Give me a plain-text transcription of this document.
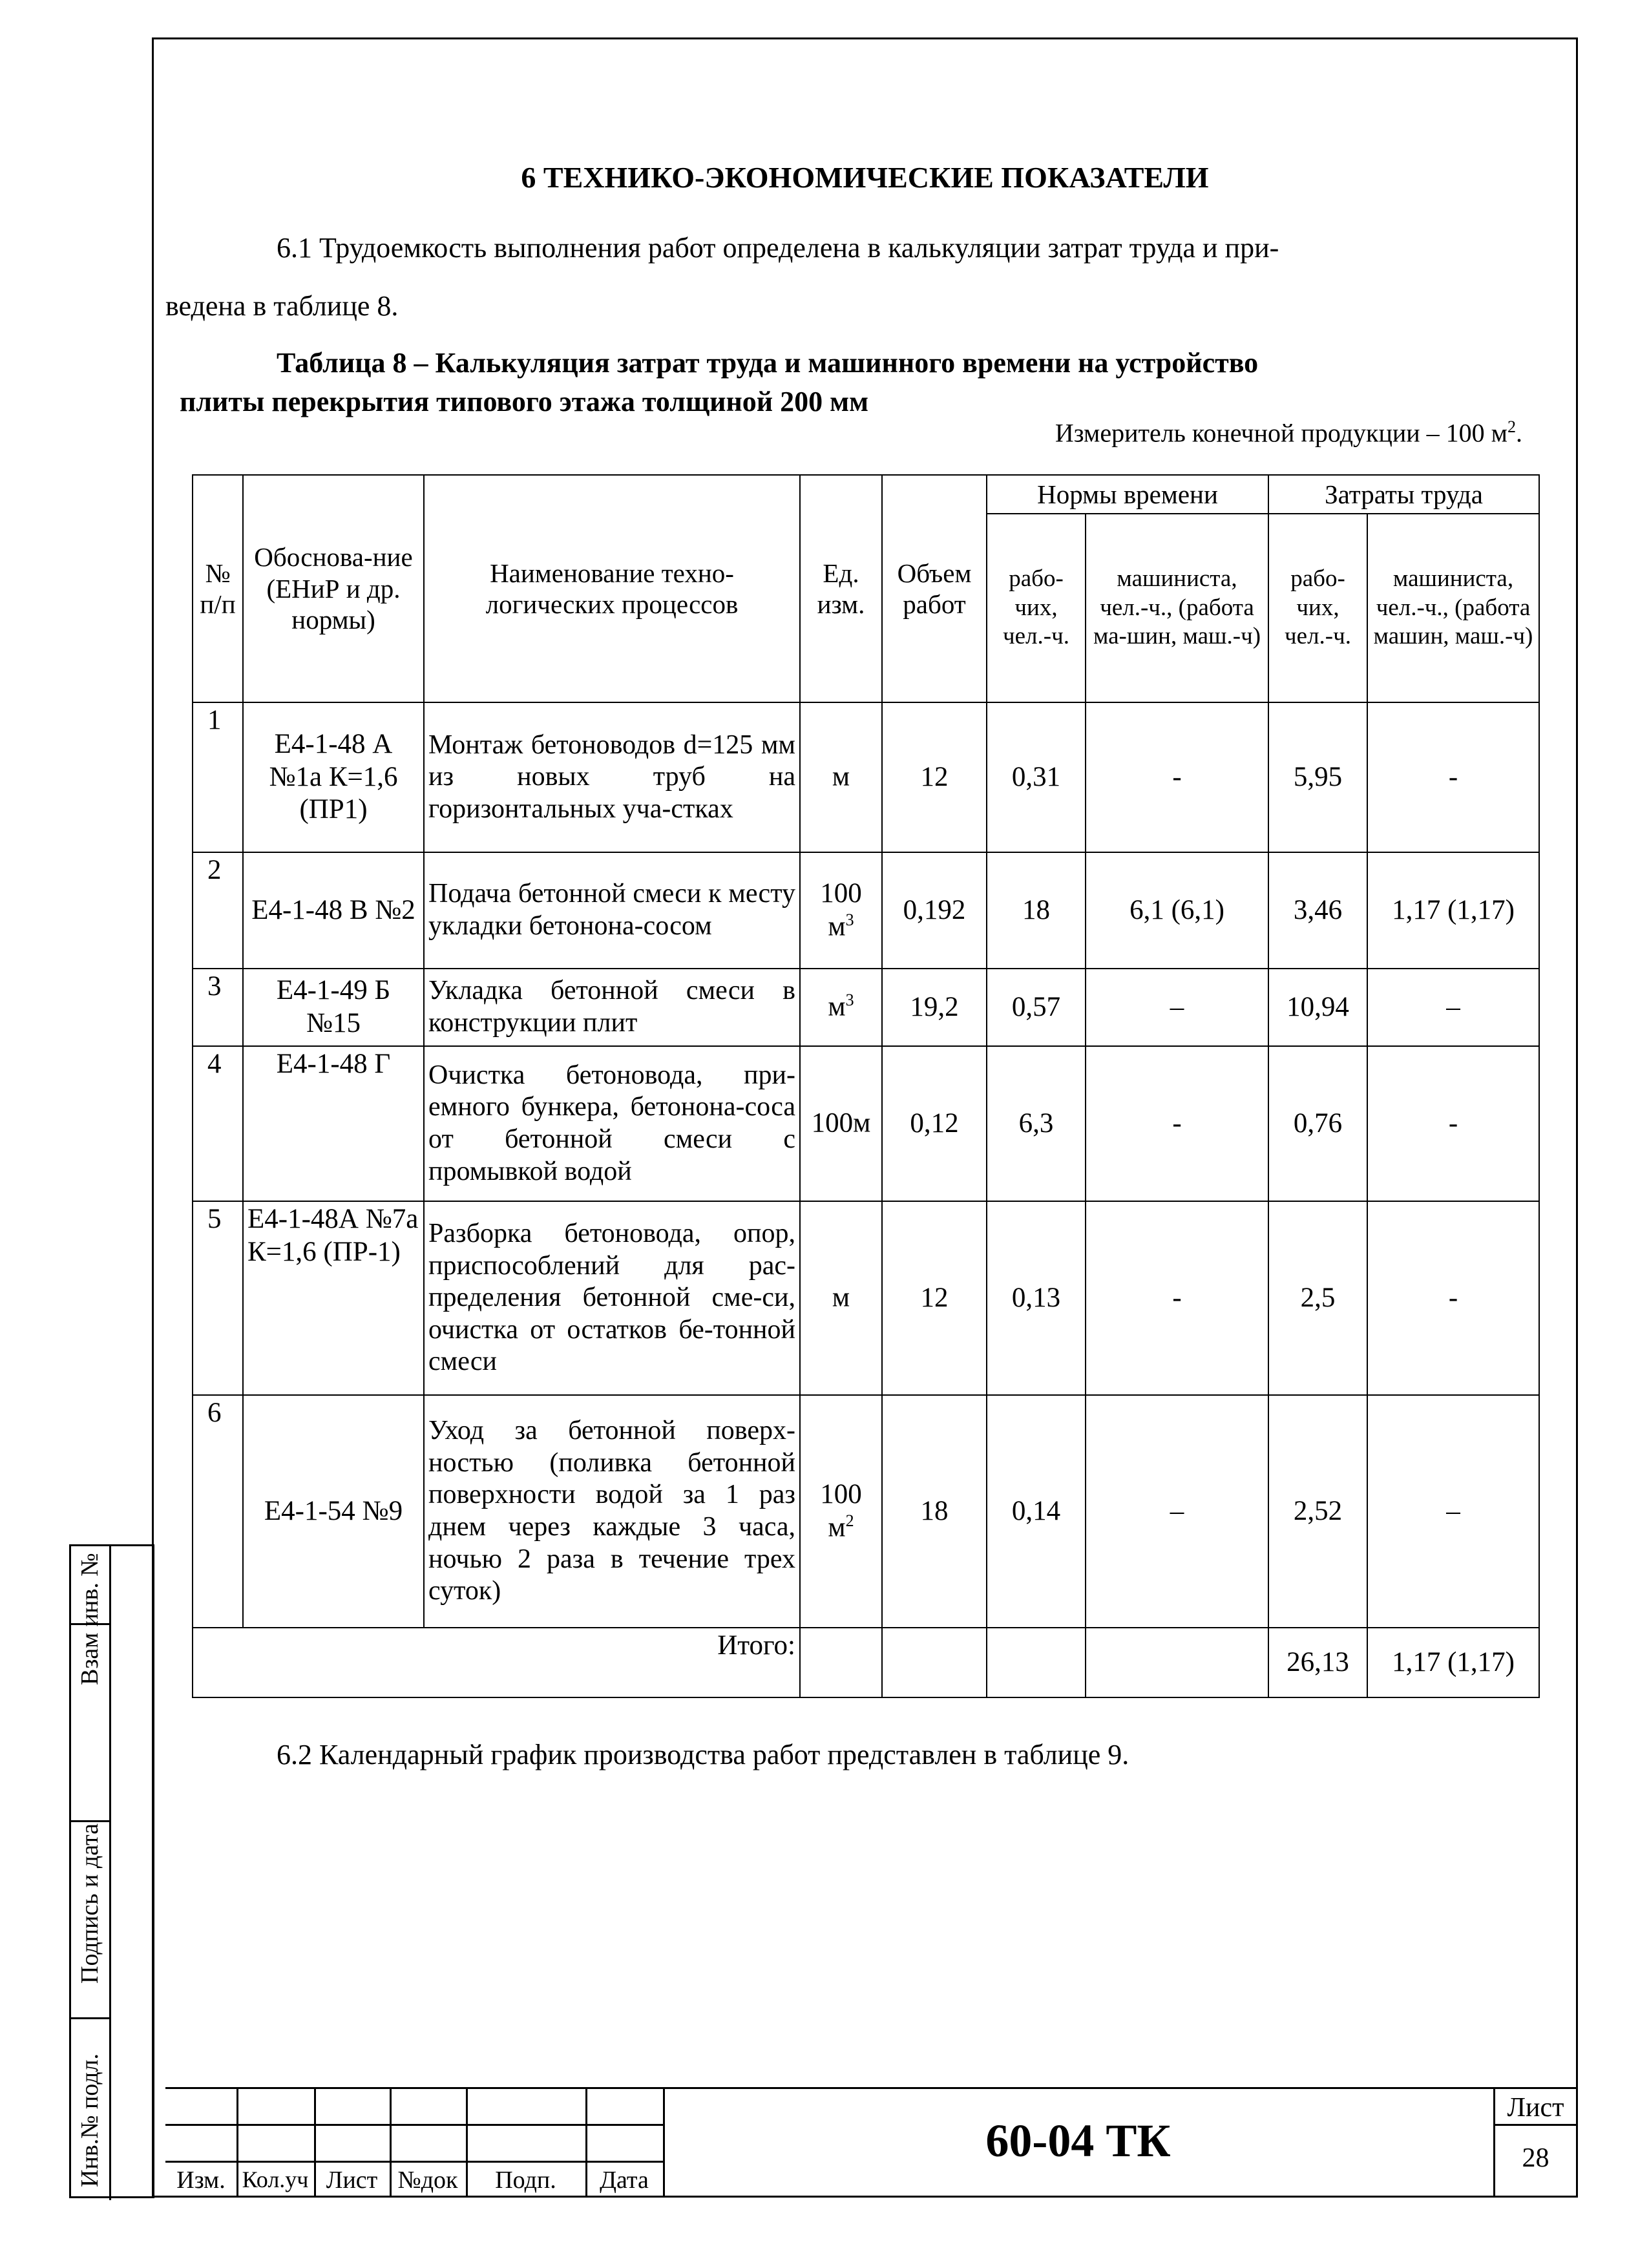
6 ТЕХНИКО-ЭКОНОМИЧЕСКИЕ ПОКАЗАТЕЛИ
6.1 Трудоемкость выполнения работ определена в калькуляции затрат труда и при-
ведена в таблице 8.
Таблица 8 – Калькуляция затрат труда и машинного времени на устройство
плиты перекрытия типового этажа толщиной 200 мм
Измеритель конечной продукции – 100 $м^2$.
№ п/п	Обоснова-ние (ЕНиР и др. нормы)	Наименование техно-логических процессов	Ед. изм.	Объем работ	Нормы времени		Затраты труда	
					рабо-чих, чел.-ч.	машиниста, чел.-ч., (работа ма-шин, маш.-ч)	рабо-чих, чел.-ч.	машиниста, чел.-ч., (работа машин, маш.-ч)
1	Е4-1-48 А №1а К=1,6 (ПР1)	Монтаж бетоноводов d=125 мм из новых труб на горизонтальных уча-стках	м	12	0,31	-	5,95	-
2	Е4-1-48 В №2	Подача бетонной смеси к месту укладки бетонона-сосом	100 $м^3$	0,192	18	6,1 (6,1)	3,46	1,17 (1,17)
3	Е4-1-49 Б №15	Укладка бетонной смеси в конструкции плит	$м^3$	19,2	0,57	–	10,94	–
4	Е4-1-48 Г	Очистка бетоновода, при-емного бункера, бетонона-соса от бетонной смеси с промывкой водой	100м	0,12	6,3	-	0,76	-
5	Е4-1-48А №7а К=1,6 (ПР-1)	Разборка бетоновода, опор, приспособлений для рас-пределения бетонной сме-си, очистка от остатков бе-тонной смеси	м	12	0,13	-	2,5	-
6	Е4-1-54 №9	Уход за бетонной поверх-ностью (поливка бетонной поверхности водой за 1 раз днем через каждые 3 часа, ночью 2 раза в течение трех суток)	100 $м^2$	18	0,14	–	2,52	–
Итого:							26,13	1,17 (1,17)
6.2 Календарный график производства работ представлен в таблице 9.
Взам инв. №
Подпись и дата
Инв.№ подл.	Изм. Кол.уч Лист №док	Подп.	Дата
60-04 ТК
Лист
28
